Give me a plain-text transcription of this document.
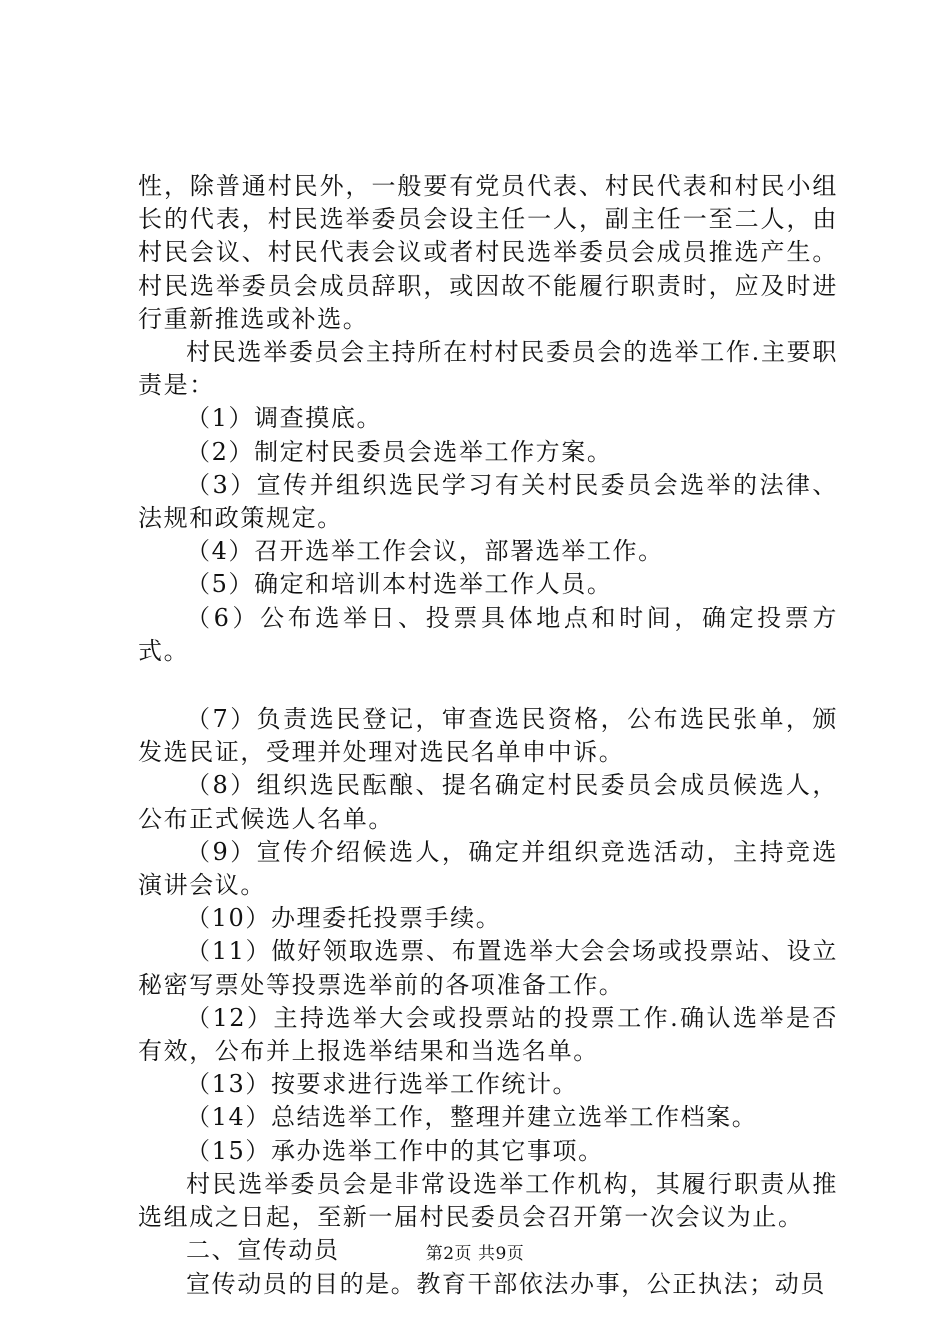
性，除普通村民外，一般要有党员代表、村民代表和村民小组长的代表，村民选举委员会设主任一人，副主任一至二人，由村民会议、村民代表会议或者村民选举委员会成员推选产生。村民选举委员会成员辞职，或因故不能履行职责时，应及时进行重新推选或补选。

村民选举委员会主持所在村村民委员会的选举工作.主要职责是：

（1）调查摸底。

（2）制定村民委员会选举工作方案。

（3）宣传并组织选民学习有关村民委员会选举的法律、法规和政策规定。

（4）召开选举工作会议，部署选举工作。

（5）确定和培训本村选举工作人员。

（6）公布选举日、投票具体地点和时间，确定投票方式。

（7）负责选民登记，审查选民资格，公布选民张单，颁发选民证，受理并处理对选民名单申中诉。

（8）组织选民酝酿、提名确定村民委员会成员候选人，公布正式候选人名单。

（9）宣传介绍候选人，确定并组织竞选活动，主持竞选演讲会议。

（10）办理委托投票手续。

（11）做好领取选票、布置选举大会会场或投票站、设立秘密写票处等投票选举前的各项准备工作。

（12）主持选举大会或投票站的投票工作.确认选举是否有效，公布并上报选举结果和当选名单。

（13）按要求进行选举工作统计。

（14）总结选举工作，整理并建立选举工作档案。

（15）承办选举工作中的其它事项。

村民选举委员会是非常设选举工作机构，其履行职责从推选组成之日起，至新一届村民委员会召开第一次会议为止。

二、宣传动员

宣传动员的目的是。教育干部依法办事，公正执法；动员

第2页 共9页
